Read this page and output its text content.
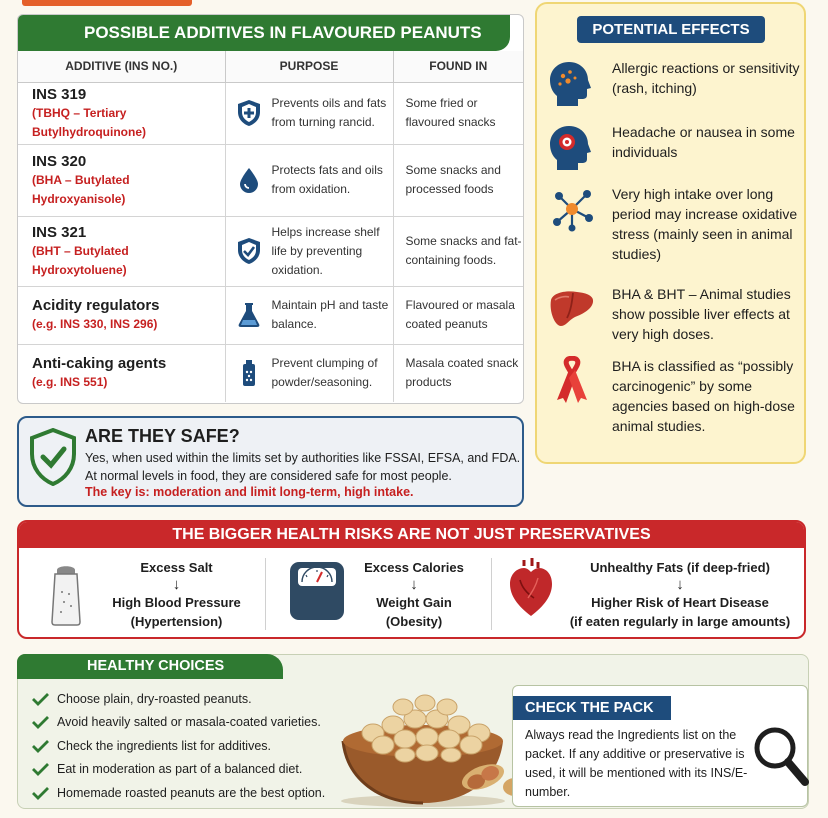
POSSIBLE ADDITIVES IN FLAVOURED PEANUTS
ADDITIVE (INS NO.)	PURPOSE	FOUND IN

INS 319
(TBHQ – Tertiary Butylhydroquinone)	Prevents oils and fats from turning rancid.	Some fried or flavoured snacks

INS 320
(BHA – Butylated Hydroxyanisole)	Protects fats and oils from oxidation.	Some snacks and processed foods

INS 321
(BHT – Butylated Hydroxytoluene)	Helps increase shelf life by preventing oxidation.	Some snacks and fat-containing foods.

Acidity regulators
(e.g. INS 330, INS 296)	Maintain pH and taste balance.	Flavoured or masala coated peanuts

Anti-caking agents
(e.g. INS 551)	Prevent clumping of powder/seasoning.	Masala coated snack products
POTENTIAL EFFECTS
Allergic reactions or sensitivity (rash, itching)
Headache or nausea in some individuals
Very high intake over long period may increase oxidative stress (mainly seen in animal studies)
BHA & BHT – Animal studies show possible liver effects at very high doses.
BHA is classified as “possibly carcinogenic” by some agencies based on high-dose animal studies.
ARE THEY SAFE?
Yes, when used within the limits set by authorities like FSSAI, EFSA, and FDA. At normal levels in food, they are considered safe for most people.
The key is: moderation and limit long-term, high intake.
THE BIGGER HEALTH RISKS ARE NOT JUST PRESERVATIVES
Excess Salt
↓
High Blood Pressure
(Hypertension)
Excess Calories
↓
Weight Gain
(Obesity)
Unhealthy Fats (if deep-fried)
↓
Higher Risk of Heart Disease
(if eaten regularly in large amounts)
HEALTHY CHOICES
Choose plain, dry-roasted peanuts.
Avoid heavily salted or masala-coated varieties.
Check the ingredients list for additives.
Eat in moderation as part of a balanced diet.
Homemade roasted peanuts are the best option.
CHECK THE PACK
Always read the Ingredients list on the packet. If any additive or preservative is used, it will be mentioned with its INS/E-number.
